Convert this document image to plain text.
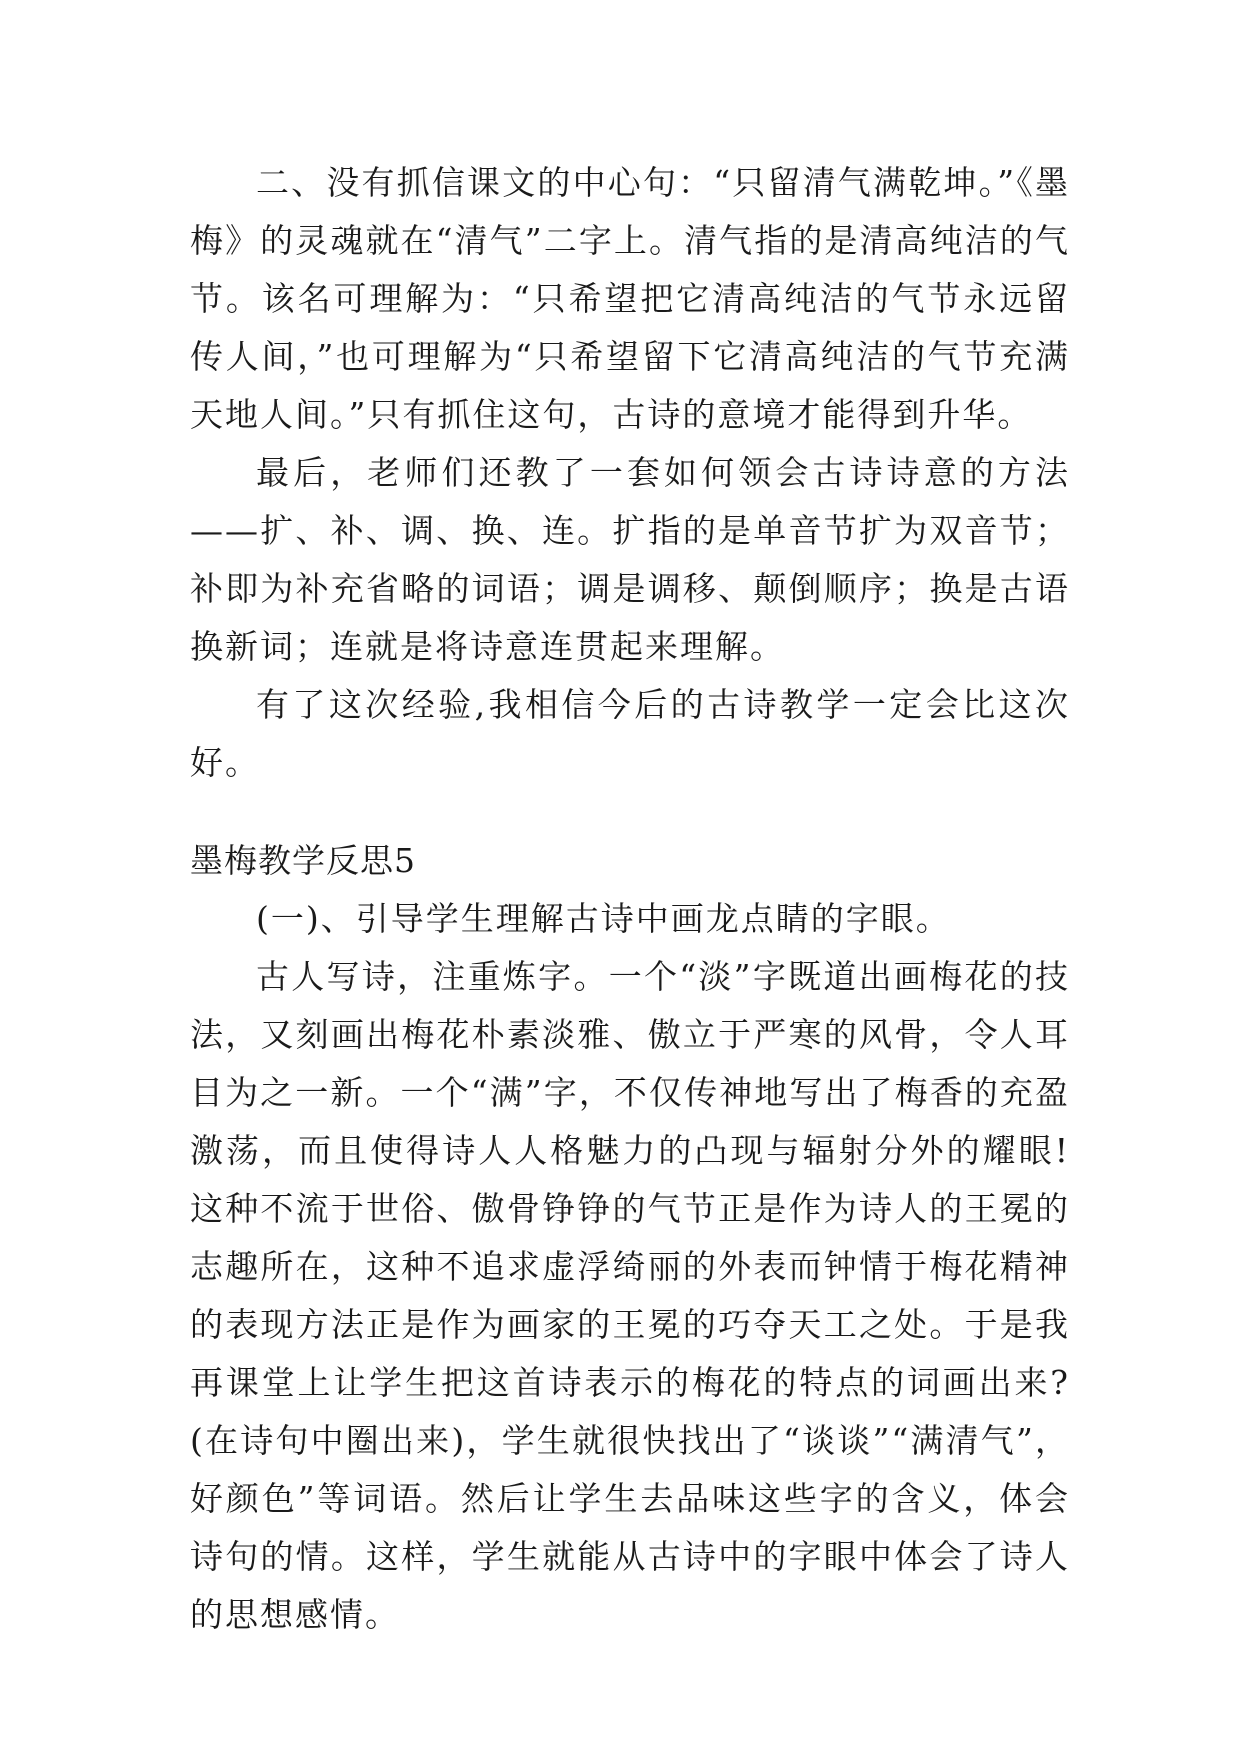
二、没有抓信课文的中心句：“只留清气满乾坤。”《墨梅》的灵魂就在“清气”二字上。清气指的是清高纯洁的气节。该名可理解为：“只希望把它清高纯洁的气节永远留传人间，”也可理解为“只希望留下它清高纯洁的气节充满天地人间。”只有抓住这句，古诗的意境才能得到升华。

最后，老师们还教了一套如何领会古诗诗意的方法——扩、补、调、换、连。扩指的是单音节扩为双音节；补即为补充省略的词语；调是调移、颠倒顺序；换是古语换新词；连就是将诗意连贯起来理解。

有了这次经验,我相信今后的古诗教学一定会比这次好。

墨梅教学反思5

(一)、引导学生理解古诗中画龙点睛的字眼。

古人写诗，注重炼字。一个“淡”字既道出画梅花的技法，又刻画出梅花朴素淡雅、傲立于严寒的风骨，令人耳目为之一新。一个“满”字，不仅传神地写出了梅香的充盈激荡，而且使得诗人人格魅力的凸现与辐射分外的耀眼!这种不流于世俗、傲骨铮铮的气节正是作为诗人的王冕的志趣所在，这种不追求虚浮绮丽的外表而钟情于梅花精神的表现方法正是作为画家的王冕的巧夺天工之处。于是我再课堂上让学生把这首诗表示的梅花的特点的词画出来?(在诗句中圈出来)，学生就很快找出了“谈谈”“满清气”，好颜色”等词语。然后让学生去品味这些字的含义，体会诗句的情。这样，学生就能从古诗中的字眼中体会了诗人的思想感情。
